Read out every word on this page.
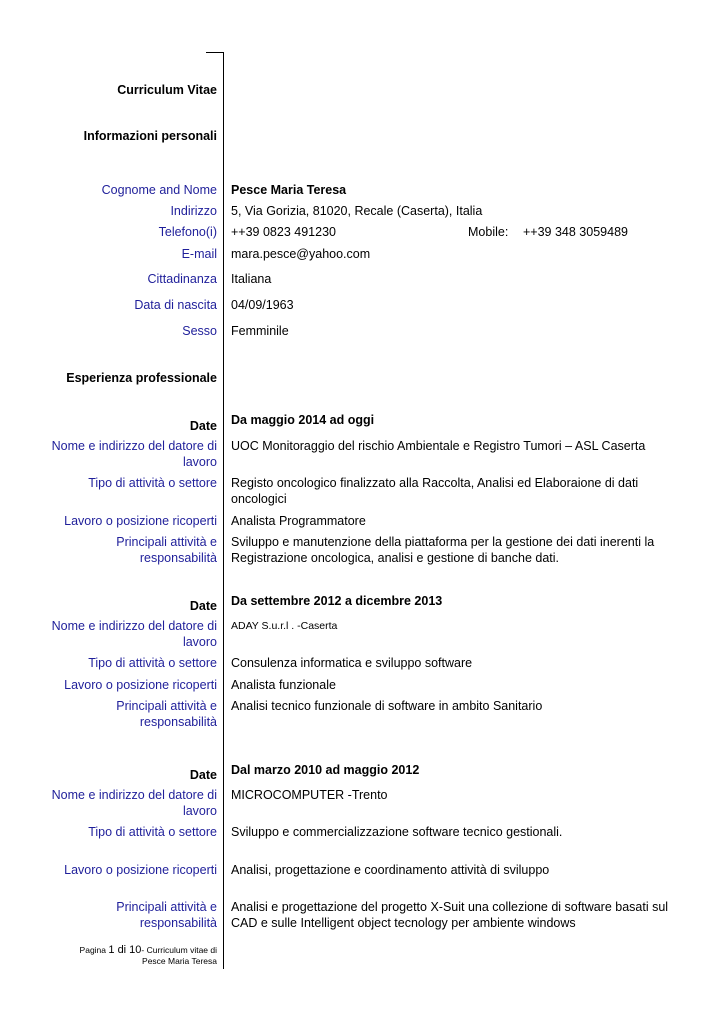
Curriculum Vitae
Informazioni personali
Cognome and Nome Pesce Maria Teresa
Indirizzo 5, Via Gorizia, 81020, Recale (Caserta), Italia
Telefono(i) ++39 0823 491230	Mobile: ++39 348 3059489
E-mail mara.pesce@yahoo.com
Cittadinanza Italiana
Data di nascita 04/09/1963
Sesso Femminile
Esperienza professionale
Date Da maggio 2014 ad oggi
Nome e indirizzo del datore di
lavoro
UOC Monitoraggio del rischio Ambientale e Registro Tumori – ASL Caserta
Tipo di attività o settore Registo oncologico finalizzato alla Raccolta, Analisi ed Elaboraione di dati
oncologici
Lavoro o posizione ricoperti Analista Programmatore
Principali attività e
responsabilità
Sviluppo e manutenzione della piattaforma per la gestione dei dati inerenti la
Registrazione oncologica, analisi e gestione di banche dati.
Date Da settembre 2012 a dicembre 2013
Nome e indirizzo del datore di
lavoro
ADAY S.u.r.l . -Caserta
Tipo di attività o settore Consulenza informatica e sviluppo software
Lavoro o posizione ricoperti Analista funzionale
Principali attività e
responsabilità
Analisi tecnico funzionale di software in ambito Sanitario
Date Dal marzo 2010 ad maggio 2012
Nome e indirizzo del datore di
lavoro
MICROCOMPUTER -Trento
Tipo di attività o settore Sviluppo e commercializzazione software tecnico gestionali.
Lavoro o posizione ricoperti Analisi, progettazione e coordinamento attività di sviluppo
Principali attività e
responsabilità
Analisi e progettazione del progetto X-Suit una collezione di software basati sul
CAD e sulle Intelligent object tecnology per ambiente windows
Pagina 1 di 10- Curriculum vitae di
Pesce Maria Teresa
